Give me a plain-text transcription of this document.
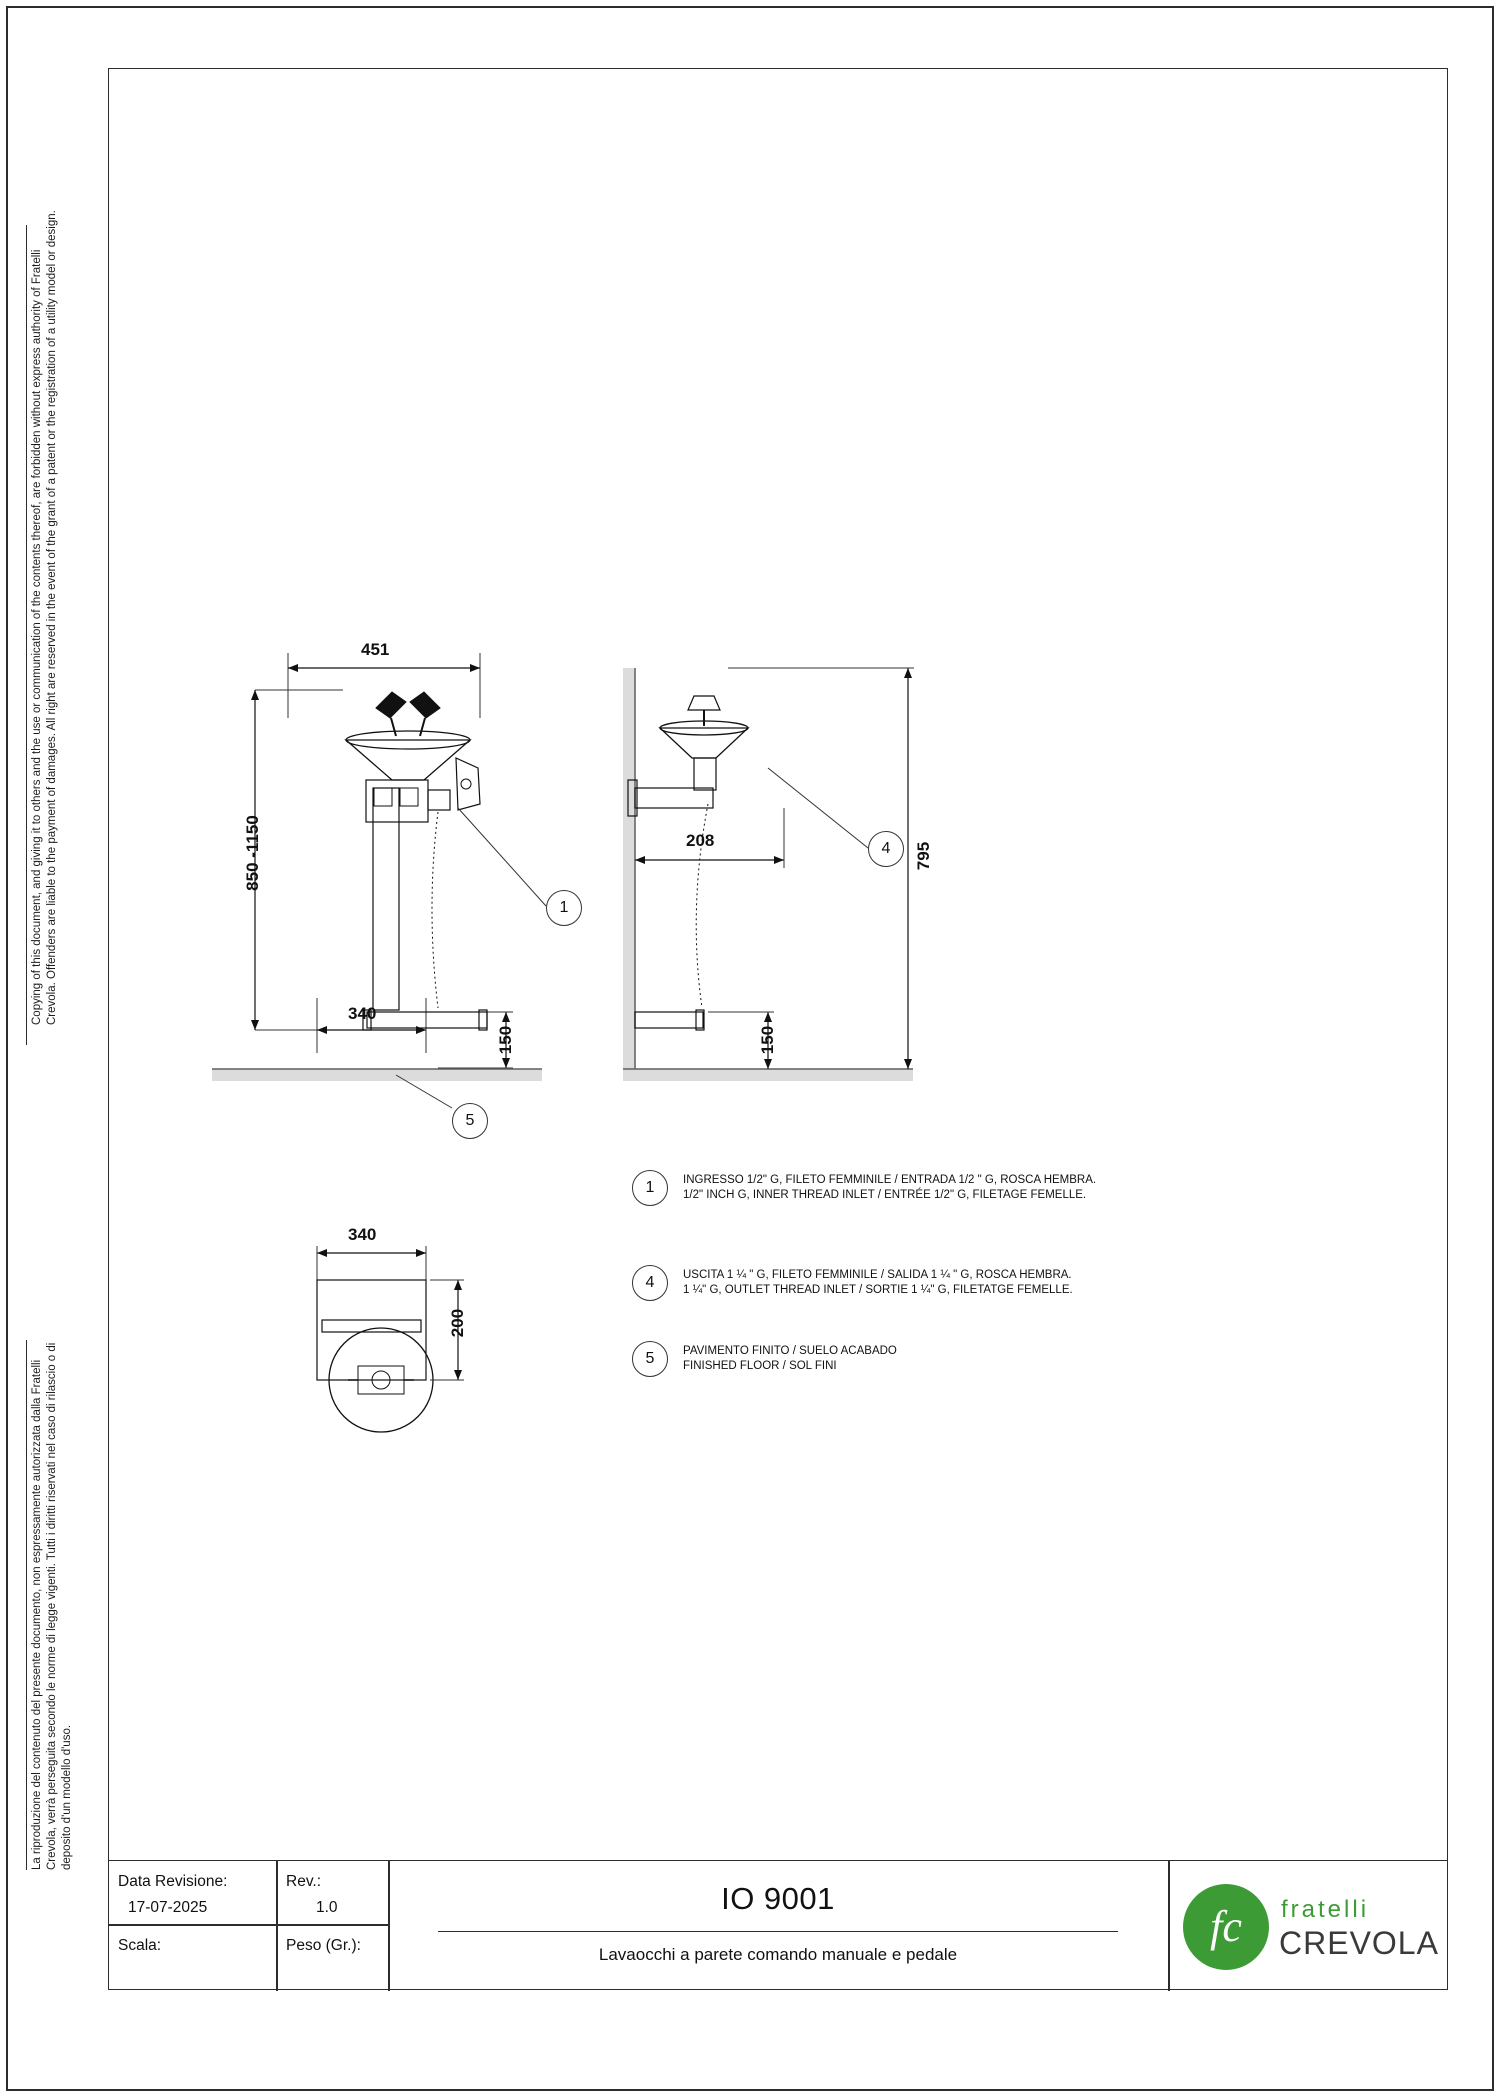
Copying of this document, and giving it to others and the use or communication of the contents thereof, are forbidden without express authority of Fratelli Crevola. Offenders are liable to the payment of damages. All right are reserved in the event of the grant of a patent or the registration of a utility model or design.
La riproduzione del contenuto del presente documento, non espressamente autorizzata dalla Fratelli Crevola, verrà perseguita secondo le norme di legge vigenti. Tutti i diritti riservati nel caso di rilascio o di deposito d'un modello d'uso.
451
850 -1150
340
150
208
795
150
340
200
1
4
5
1	INGRESSO 1/2" G, FILETO FEMMINILE / ENTRADA 1/2 " G, ROSCA HEMBRA.
1/2" INCH G, INNER THREAD INLET / ENTRÉE 1/2" G, FILETAGE FEMELLE.
4	USCITA 1 ¼ " G, FILETO FEMMINILE / SALIDA 1 ¼ " G, ROSCA HEMBRA.
1 ¼" G, OUTLET THREAD INLET / SORTIE 1 ¼" G, FILETATGE FEMELLE.
5	PAVIMENTO FINITO / SUELO ACABADO
FINISHED FLOOR / SOL FINI
Data Revisione:
17-07-2025
Scala:
Rev.:
1.0
Peso (Gr.):
IO 9001
Lavaocchi a parete comando manuale e pedale
fc	fratelli
CREVOLA
